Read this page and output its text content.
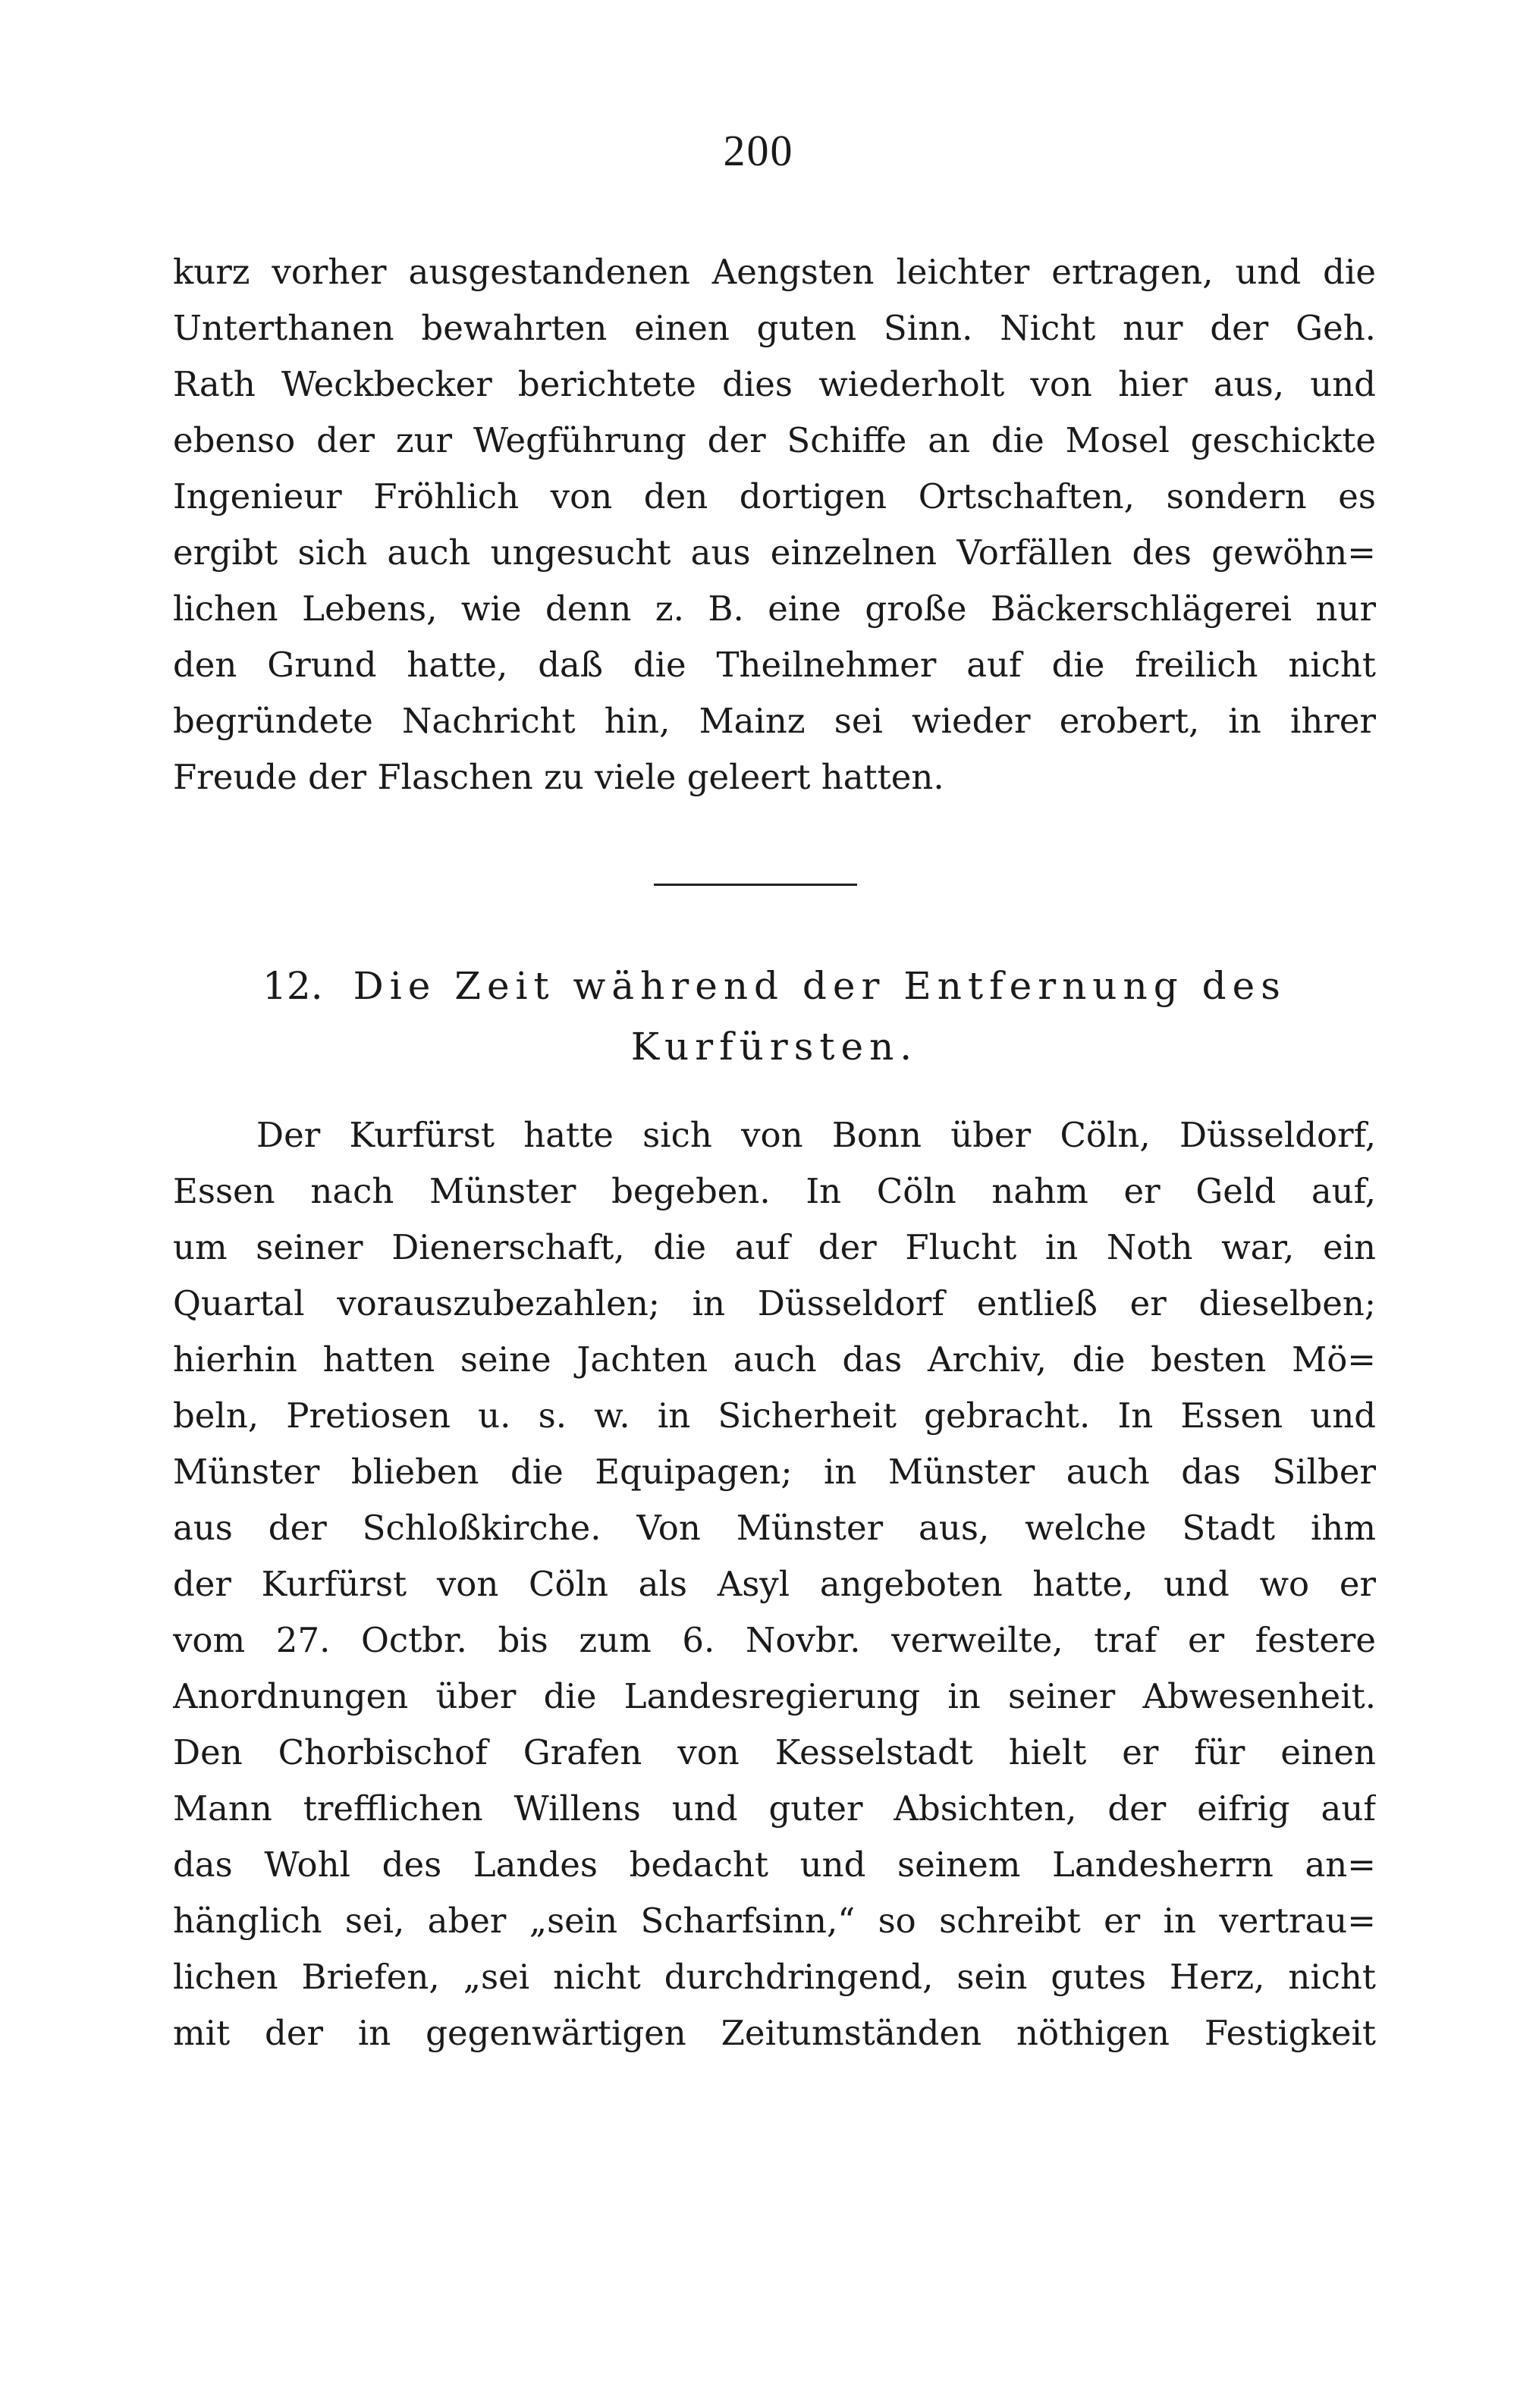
200
kurz vorher ausgestandenen Aengsten leichter ertragen, und die
Unterthanen bewahrten einen guten Sinn. Nicht nur der Geh.
Rath Weckbecker berichtete dies wiederholt von hier aus, und
ebenso der zur Wegführung der Schiffe an die Mosel geschickte
Ingenieur Fröhlich von den dortigen Ortschaften, sondern es
ergibt sich auch ungesucht aus einzelnen Vorfällen des gewöhn=
lichen Lebens, wie denn z. B. eine große Bäckerschlägerei nur
den Grund hatte, daß die Theilnehmer auf die freilich nicht
begründete Nachricht hin, Mainz sei wieder erobert, in ihrer
Freude der Flaschen zu viele geleert hatten.
12. Die Zeit während der Entfernung des
Kurfürsten.
Der Kurfürst hatte sich von Bonn über Cöln, Düsseldorf,
Essen nach Münster begeben. In Cöln nahm er Geld auf,
um seiner Dienerschaft, die auf der Flucht in Noth war, ein
Quartal vorauszubezahlen; in Düsseldorf entließ er dieselben;
hierhin hatten seine Jachten auch das Archiv, die besten Mö=
beln, Pretiosen u. s. w. in Sicherheit gebracht. In Essen und
Münster blieben die Equipagen; in Münster auch das Silber
aus der Schloßkirche. Von Münster aus, welche Stadt ihm
der Kurfürst von Cöln als Asyl angeboten hatte, und wo er
vom 27. Octbr. bis zum 6. Novbr. verweilte, traf er festere
Anordnungen über die Landesregierung in seiner Abwesenheit.
Den Chorbischof Grafen von Kesselstadt hielt er für einen
Mann trefflichen Willens und guter Absichten, der eifrig auf
das Wohl des Landes bedacht und seinem Landesherrn an=
hänglich sei, aber „sein Scharfsinn,“ so schreibt er in vertrau=
lichen Briefen, „sei nicht durchdringend, sein gutes Herz, nicht
mit der in gegenwärtigen Zeitumständen nöthigen Festigkeit
